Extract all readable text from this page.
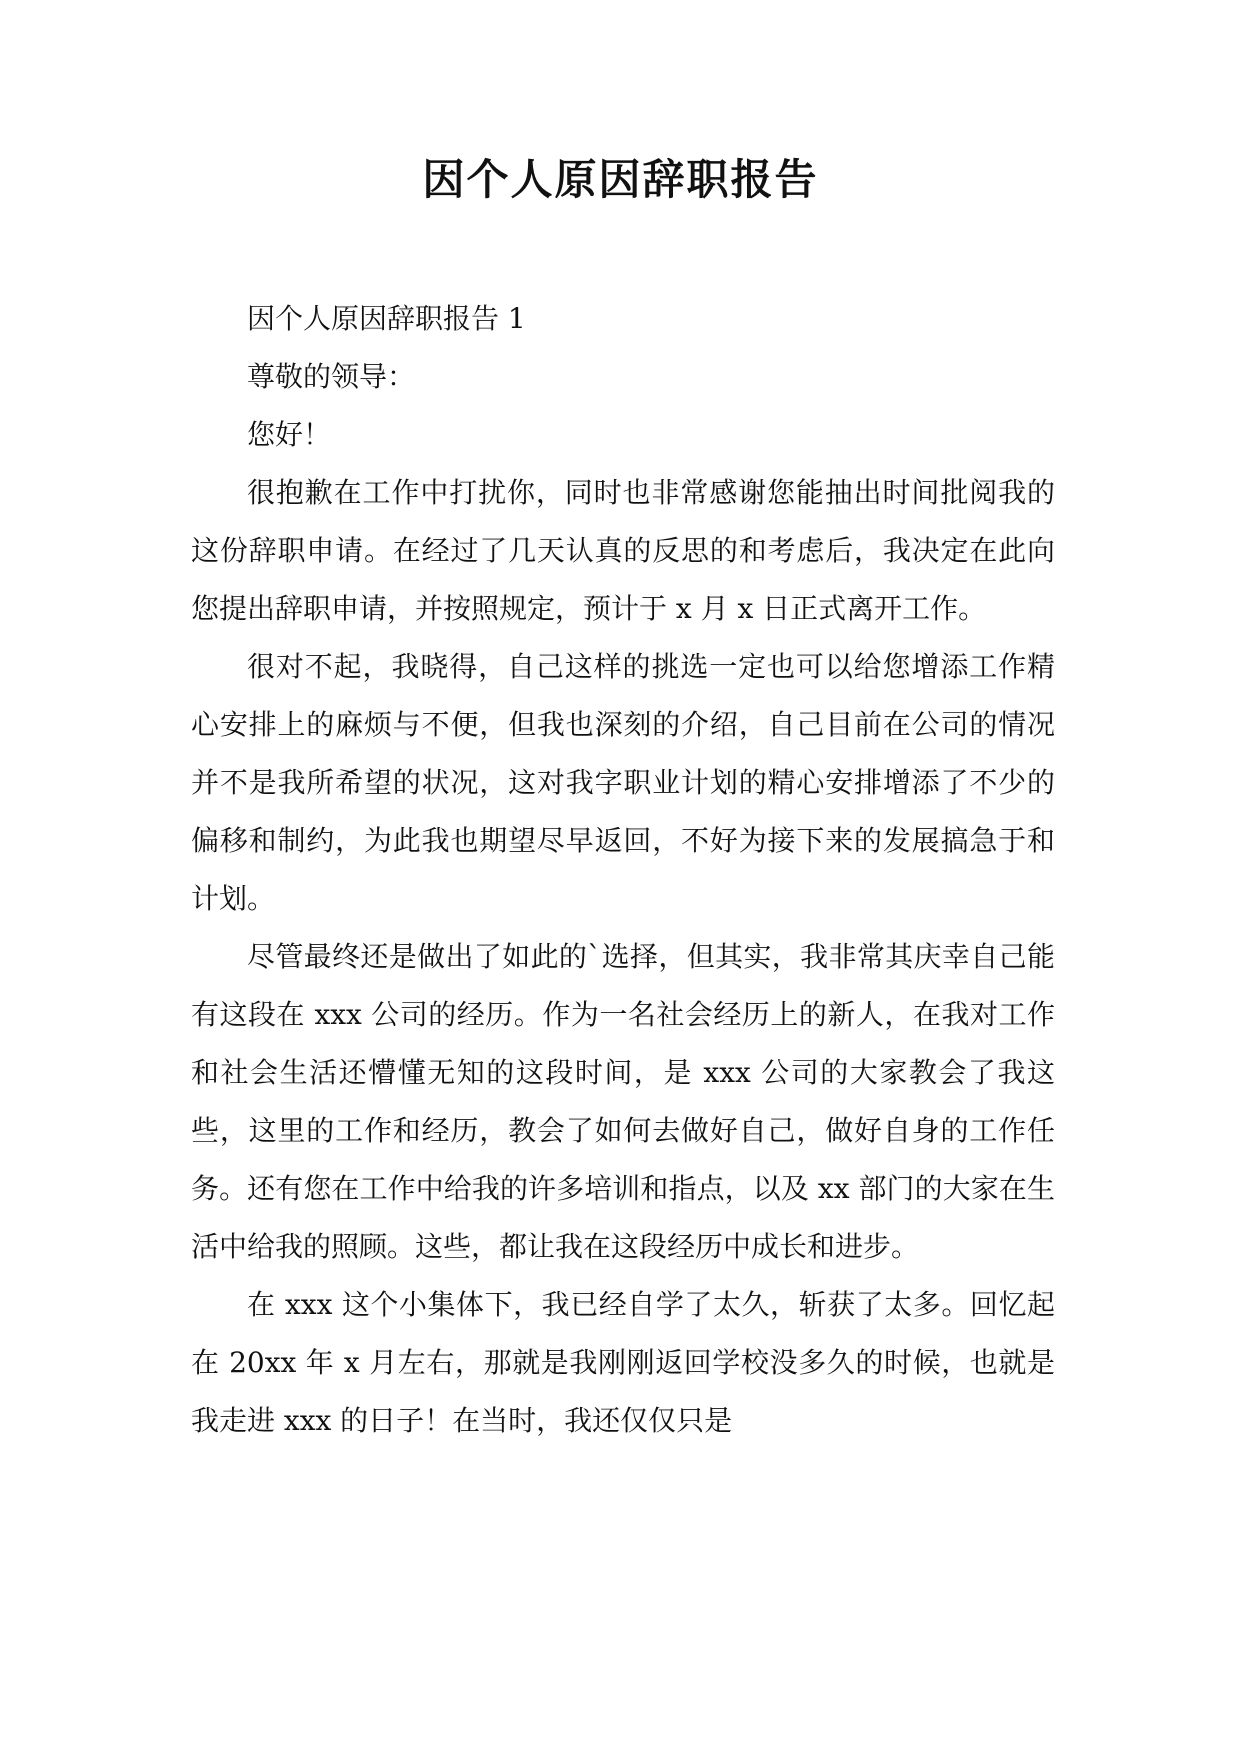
因个人原因辞职报告

因个人原因辞职报告 1

尊敬的领导：

您好！

很抱歉在工作中打扰你，同时也非常感谢您能抽出时间批阅我的这份辞职申请。在经过了几天认真的反思的和考虑后，我决定在此向您提出辞职申请，并按照规定，预计于 x 月 x 日正式离开工作。

很对不起，我晓得，自己这样的挑选一定也可以给您增添工作精心安排上的麻烦与不便，但我也深刻的介绍，自己目前在公司的情况并不是我所希望的状况，这对我字职业计划的精心安排增添了不少的偏移和制约，为此我也期望尽早返回，不好为接下来的发展搞急于和计划。

尽管最终还是做出了如此的`选择，但其实，我非常其庆幸自己能有这段在 xxx 公司的经历。作为一名社会经历上的新人，在我对工作和社会生活还懵懂无知的这段时间，是 xxx 公司的大家教会了我这些，这里的工作和经历，教会了如何去做好自己，做好自身的工作任务。还有您在工作中给我的许多培训和指点，以及 xx 部门的大家在生活中给我的照顾。这些，都让我在这段经历中成长和进步。

在 xxx 这个小集体下，我已经自学了太久，斩获了太多。回忆起在 20xx 年 x 月左右，那就是我刚刚返回学校没多久的时候，也就是我走进 xxx 的日子！在当时，我还仅仅只是
